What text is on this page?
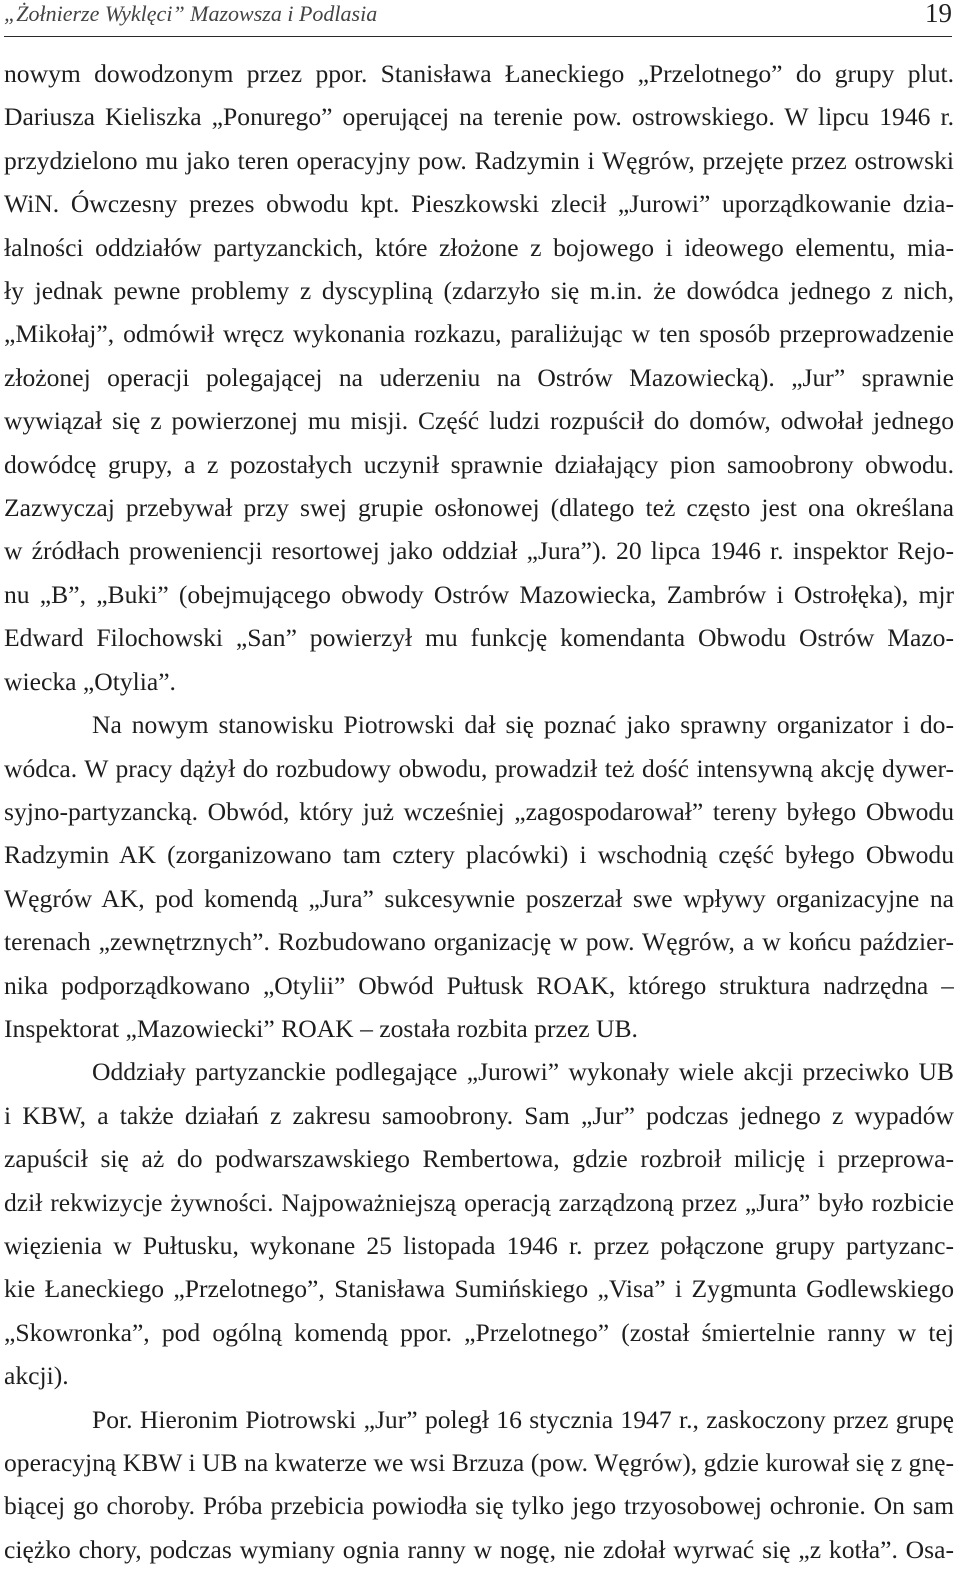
„Żołnierze Wyklęci” Mazowsza i Podlasia	19
nowym dowodzonym przez ppor. Stanisława Łaneckiego „Przelotnego” do grupy plut.
Dariusza Kieliszka „Ponurego” operującej na terenie pow. ostrowskiego. W lipcu 1946 r.
przydzielono mu jako teren operacyjny pow. Radzymin i Węgrów, przejęte przez ostrowski
WiN. Ówczesny prezes obwodu kpt. Pieszkowski zlecił „Jurowi” uporządkowanie dzia-
łalności oddziałów partyzanckich, które złożone z bojowego i ideowego elementu, mia-
ły jednak pewne problemy z dyscypliną (zdarzyło się m.in. że dowódca jednego z nich,
„Mikołaj”, odmówił wręcz wykonania rozkazu, paraliżując w ten sposób przeprowadzenie
złożonej operacji polegającej na uderzeniu na Ostrów Mazowiecką). „Jur” sprawnie
wywiązał się z powierzonej mu misji. Część ludzi rozpuścił do domów, odwołał jednego
dowódcę grupy, a z pozostałych uczynił sprawnie działający pion samoobrony obwodu.
Zazwyczaj przebywał przy swej grupie osłonowej (dlatego też często jest ona określana
w źródłach proweniencji resortowej jako oddział „Jura”). 20 lipca 1946 r. inspektor Rejo-
nu „B”, „Buki” (obejmującego obwody Ostrów Mazowiecka, Zambrów i Ostrołęka), mjr
Edward Filochowski „San” powierzył mu funkcję komendanta Obwodu Ostrów Mazo-
wiecka „Otylia”.
Na nowym stanowisku Piotrowski dał się poznać jako sprawny organizator i do-
wódca. W pracy dążył do rozbudowy obwodu, prowadził też dość intensywną akcję dywer-
syjno-partyzancką. Obwód, który już wcześniej „zagospodarował” tereny byłego Obwodu
Radzymin AK (zorganizowano tam cztery placówki) i wschodnią część byłego Obwodu
Węgrów AK, pod komendą „Jura” sukcesywnie poszerzał swe wpływy organizacyjne na
terenach „zewnętrznych”. Rozbudowano organizację w pow. Węgrów, a w końcu paździer-
nika podporządkowano „Otylii” Obwód Pułtusk ROAK, którego struktura nadrzędna –
Inspektorat „Mazowiecki” ROAK – została rozbita przez UB.
Oddziały partyzanckie podlegające „Jurowi” wykonały wiele akcji przeciwko UB
i KBW, a także działań z zakresu samoobrony. Sam „Jur” podczas jednego z wypadów
zapuścił się aż do podwarszawskiego Rembertowa, gdzie rozbroił milicję i przeprowa-
dził rekwizycje żywności. Najpoważniejszą operacją zarządzoną przez „Jura” było rozbicie
więzienia w Pułtusku, wykonane 25 listopada 1946 r. przez połączone grupy partyzanc-
kie Łaneckiego „Przelotnego”, Stanisława Sumińskiego „Visa” i Zygmunta Godlewskiego
„Skowronka”, pod ogólną komendą ppor. „Przelotnego” (został śmiertelnie ranny w tej
akcji).
Por. Hieronim Piotrowski „Jur” poległ 16 stycznia 1947 r., zaskoczony przez grupę
operacyjną KBW i UB na kwaterze we wsi Brzuza (pow. Węgrów), gdzie kurował się z gnę-
biącej go choroby. Próba przebicia powiodła się tylko jego trzyosobowej ochronie. On sam
ciężko chory, podczas wymiany ognia ranny w nogę, nie zdołał wyrwać się „z kotła”. Osa-
